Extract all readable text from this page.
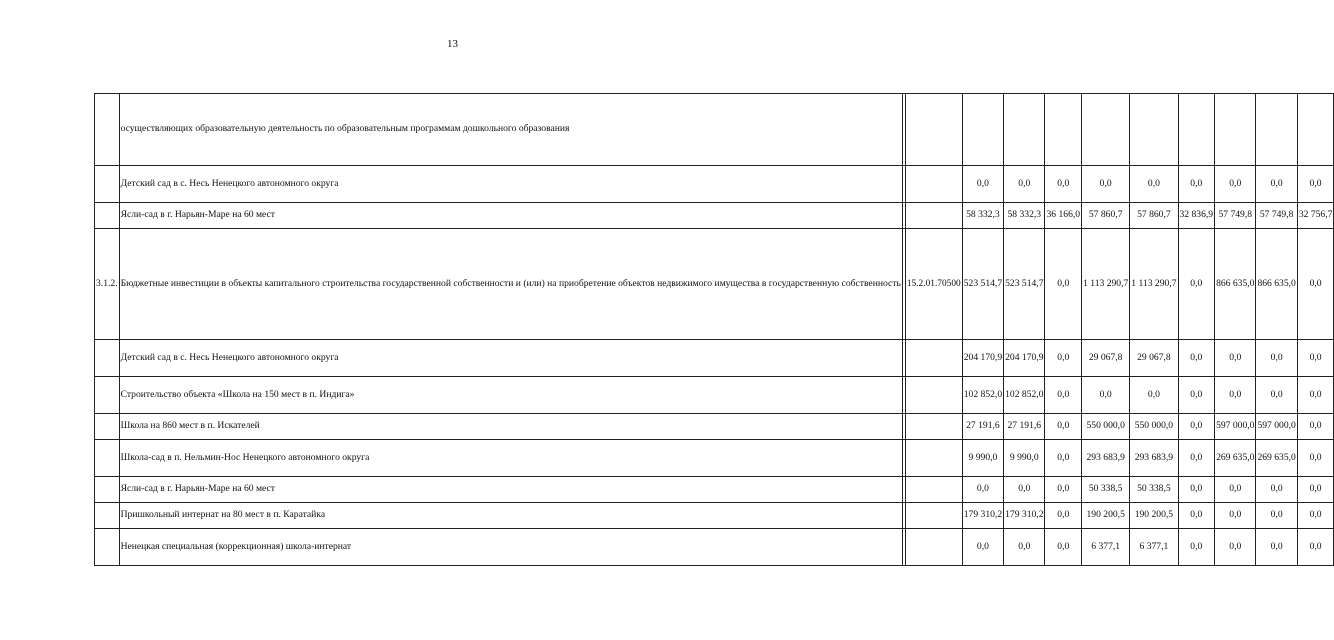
13
	осуществляющих образовательную деятельность по образовательным программам дошкольного образования											
	Детский сад в с. Несь Ненецкого автономного округа			0,0	0,0	0,0	0,0	0,0	0,0	0,0	0,0	0,0
	Ясли-сад в г. Нарьян-Маре на 60 мест			58 332,3	58 332,3	36 166,0	57 860,7	57 860,7	32 836,9	57 749,8	57 749,8	32 756,7
3.1.2.	Бюджетные инвестиции в объекты капитального строительства государственной собственности и (или) на приобретение объектов недвижимого имущества в государственную собственность		15.2.01.70500	523 514,7	523 514,7	0,0	1 113 290,7	1 113 290,7	0,0	866 635,0	866 635,0	0,0
	Детский сад в с. Несь Ненецкого автономного округа			204 170,9	204 170,9	0,0	29 067,8	29 067,8	0,0	0,0	0,0	0,0
	Строительство объекта «Школа на 150 мест в п. Индига»			102 852,0	102 852,0	0,0	0,0	0,0	0,0	0,0	0,0	0,0
	Школа на 860 мест в п. Искателей			27 191,6	27 191,6	0,0	550 000,0	550 000,0	0,0	597 000,0	597 000,0	0,0
	Школа-сад в п. Нельмин-Нос Ненецкого автономного округа			9 990,0	9 990,0	0,0	293 683,9	293 683,9	0,0	269 635,0	269 635,0	0,0
	Ясли-сад в г. Нарьян-Маре на 60 мест			0,0	0,0	0,0	50 338,5	50 338,5	0,0	0,0	0,0	0,0
	Пришкольный интернат на 80 мест в п. Каратайка			179 310,2	179 310,2	0,0	190 200,5	190 200,5	0,0	0,0	0,0	0,0
	Ненецкая специальная (коррекционная) школа-интернат			0,0	0,0	0,0	6 377,1	6 377,1	0,0	0,0	0,0	0,0
